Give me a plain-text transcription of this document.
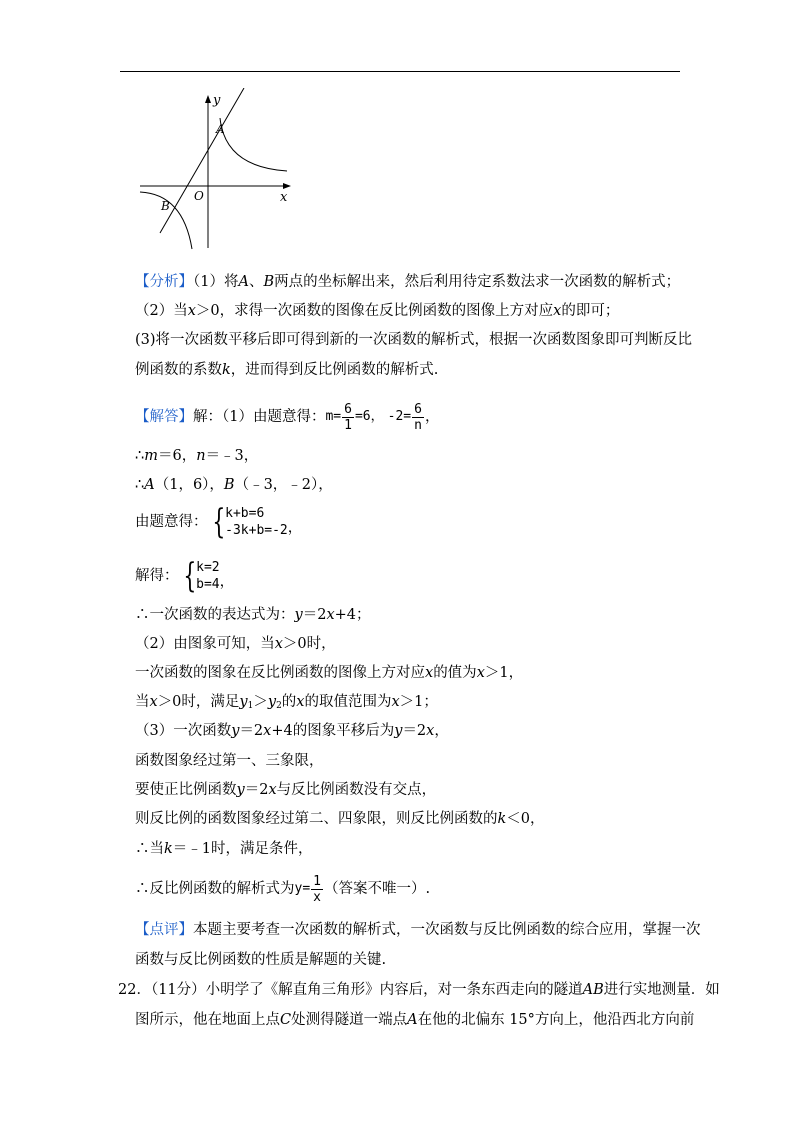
y
x
O
A
B
【分析】（1）将A、B两点的坐标解出来，然后利用待定系数法求一次函数的解析式；
（2）当x＞0，求得一次函数的图像在反比例函数的图像上方对应x的即可；
(3)将一次函数平移后即可得到新的一次函数的解析式，根据一次函数图象即可判断反比
例函数的系数k，进而得到反比例函数的解析式.
【解答】 解：（1）由题意得： $m= \frac{6}{1} =6$， $-2= \frac{6}{n}$ ，
∴m＝6，n＝﹣3，
∴A（1，6），B（﹣3，﹣2），
由题意得： { k+b=6
-3k+b=-2 ，
解得： { k=2
b=4 ，
∴一次函数的表达式为：y＝2x+4；
（2）由图象可知，当x＞0时，
一次函数的图象在反比例函数的图像上方对应x的值为x＞1，
当x＞0时，满足$y_1>y_2$的x的取值范围为x＞1；
（3）一次函数y＝2x+4的图象平移后为y＝2x，
函数图象经过第一、三象限，
要使正比例函数y＝2x与反比例函数没有交点，
则反比例的函数图象经过第二、四象限，则反比例函数的k＜0，
∴当k＝﹣1时，满足条件，
∴反比例函数的解析式为 $y= \frac{1}{x}$ （答案不唯一）.
【点评】本题主要考查一次函数的解析式，一次函数与反比例函数的综合应用，掌握一次
函数与反比例函数的性质是解题的关键.
22．（11分）小明学了《解直角三角形》内容后，对一条东西走向的隧道AB进行实地测量．如
图所示，他在地面上点C处测得隧道一端点A在他的北偏东 15°方向上，他沿西北方向前
